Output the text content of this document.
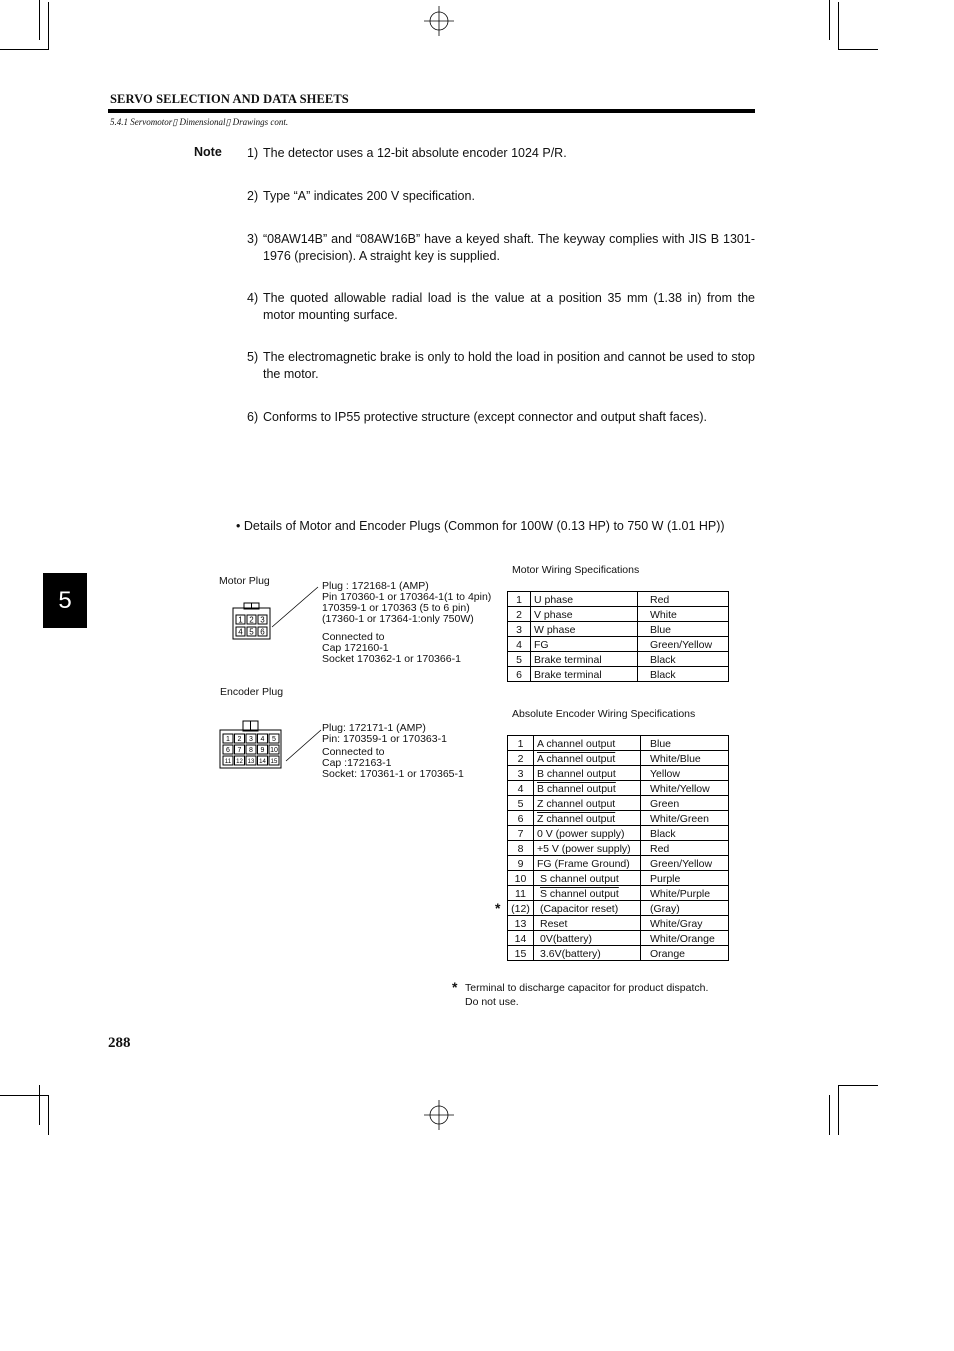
SERVO SELECTION AND DATA SHEETS
5.4.1 Servomotor▯ Dimensional▯ Drawings cont.
Note 1) The detector uses a 12-bit absolute encoder 1024 P/R.
2) Type “A” indicates 200 V specification.
3) “08AW14B” and “08AW16B” have a keyed shaft. The keyway complies with JIS B 1301-1976 (precision). A straight key is supplied.
4) The quoted allowable radial load is the value at a position 35 mm (1.38 in) from the motor mounting surface.
5) The electromagnetic brake is only to hold the load in position and cannot be used to stop the motor.
6) Conforms to IP55 protective structure (except connector and output shaft faces).
• Details of Motor and Encoder Plugs (Common for 100W (0.13 HP) to 750 W (1.01 HP))
5
Motor Plug
1 2 3
4 5 6
Plug : 172168-1 (AMP)
Pin 170360-1 or 170364-1(1 to 4pin)
170359-1 or 170363 (5 to 6 pin)
(17360-1 or 17364-1:only 750W)
Connected to
Cap 172160-1
Socket 170362-1 or 170366-1
Encoder Plug
1 2 3 4 5
6 7 8 9 10
11 12 13 14 15
Plug: 172171-1 (AMP)
Pin: 170359-1 or 170363-1
Connected to
Cap :172163-1
Socket: 170361-1 or 170365-1
Motor Wiring Specifications
1	U phase	Red
2	V phase	White
3	W phase	Blue
4	FG	Green/Yellow
5	Brake terminal	Black
6	Brake terminal	Black
Absolute Encoder Wiring Specifications
1	A channel output	Blue
2	A channel output	White/Blue
3	B channel output	Yellow
4	B channel output	White/Yellow
5	Z channel output	Green
6	Z channel output	White/Green
7	0 V (power supply)	Black
8	+5 V (power supply)	Red
9	FG (Frame Ground)	Green/Yellow
10	S channel output	Purple
11	S channel output	White/Purple
(12)	(Capacitor reset)	(Gray)
13	Reset	White/Gray
14	0V(battery)	White/Orange
15	3.6V(battery)	Orange
*
* Terminal to discharge capacitor for product dispatch.
Do not use.
288
